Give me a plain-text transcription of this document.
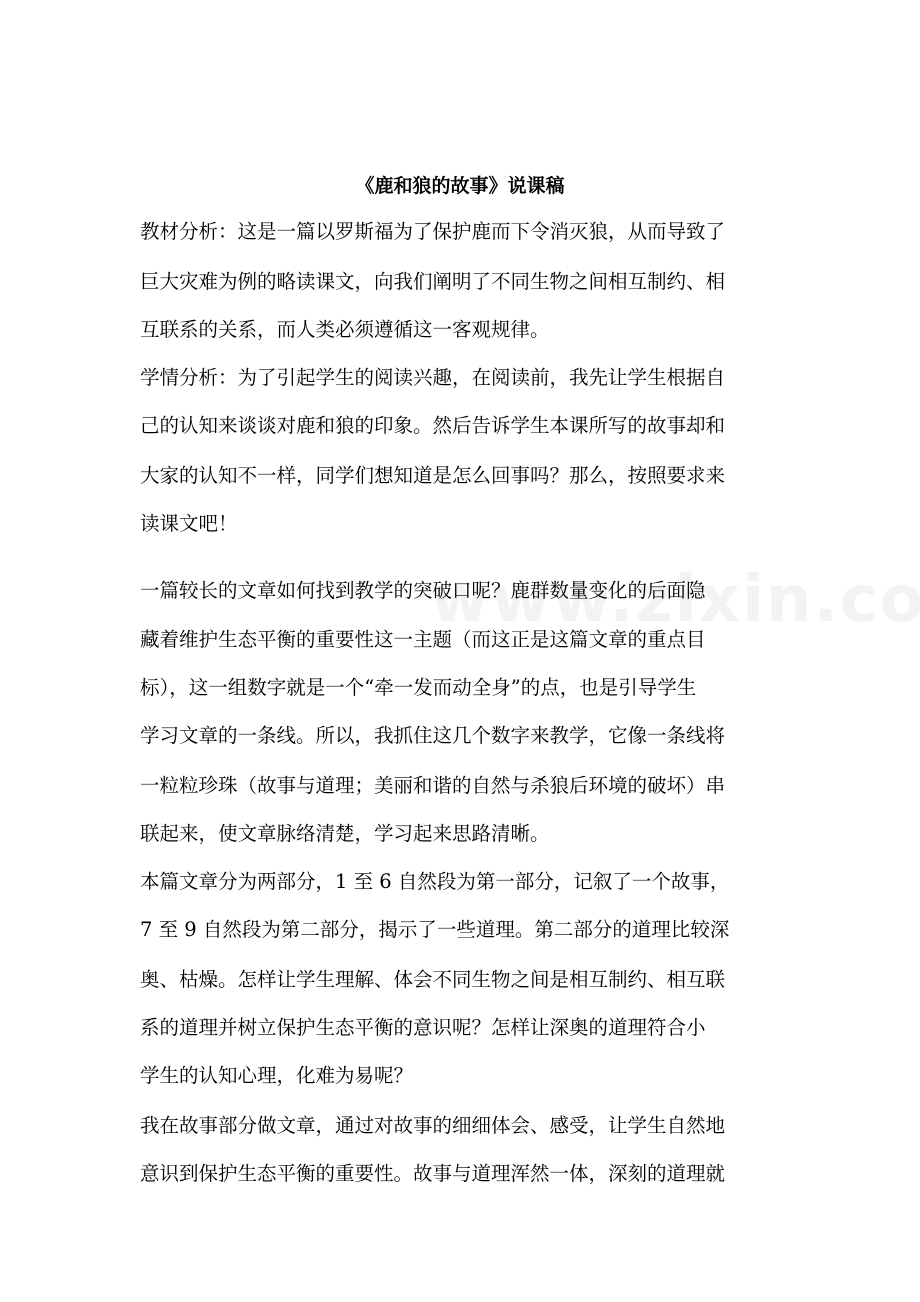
《鹿和狼的故事》说课稿
教材分析：这是一篇以罗斯福为了保护鹿而下令消灭狼，从而导致了
巨大灾难为例的略读课文，向我们阐明了不同生物之间相互制约、相
互联系的关系，而人类必须遵循这一客观规律。
学情分析：为了引起学生的阅读兴趣，在阅读前，我先让学生根据自
己的认知来谈谈对鹿和狼的印象。然后告诉学生本课所写的故事却和
大家的认知不一样，同学们想知道是怎么回事吗？那么，按照要求来
读课文吧！
一篇较长的文章如何找到教学的突破口呢？鹿群数量变化的后面隐
藏着维护生态平衡的重要性这一主题（而这正是这篇文章的重点目
标），这一组数字就是一个“牵一发而动全身”的点，也是引导学生
学习文章的一条线。所以，我抓住这几个数字来教学，它像一条线将
一粒粒珍珠（故事与道理；美丽和谐的自然与杀狼后环境的破坏）串
联起来，使文章脉络清楚，学习起来思路清晰。
本篇文章分为两部分，1 至 6 自然段为第一部分，记叙了一个故事，
7 至 9 自然段为第二部分，揭示了一些道理。第二部分的道理比较深
奥、枯燥。怎样让学生理解、体会不同生物之间是相互制约、相互联
系的道理并树立保护生态平衡的意识呢？怎样让深奥的道理符合小
学生的认知心理，化难为易呢？
我在故事部分做文章，通过对故事的细细体会、感受，让学生自然地
意识到保护生态平衡的重要性。故事与道理浑然一体，深刻的道理就
